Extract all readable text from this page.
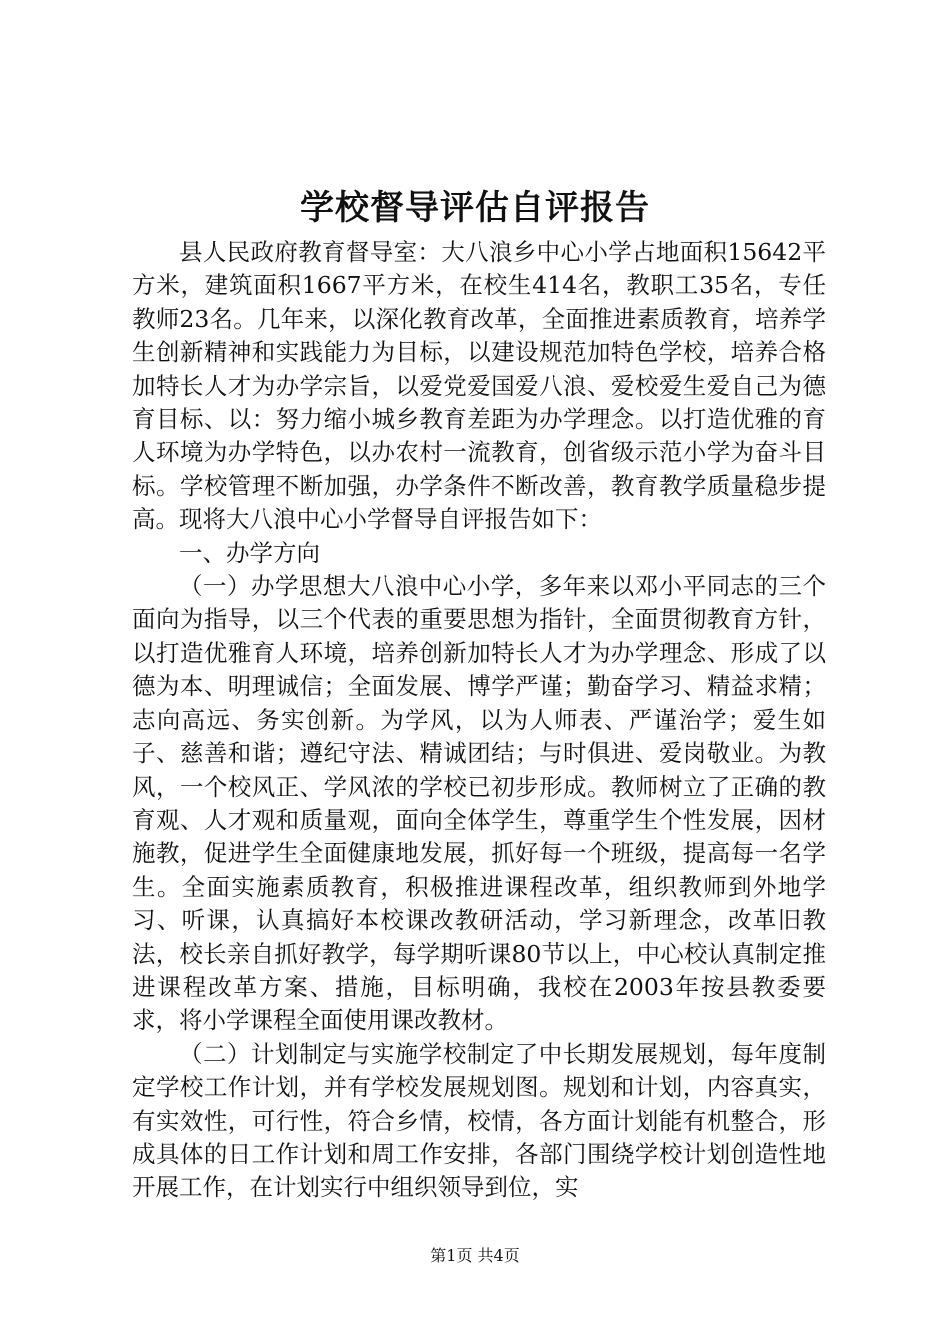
学校督导评估自评报告

县人民政府教育督导室：大八浪乡中心小学占地面积15642平方米，建筑面积1667平方米，在校生414名，教职工35名，专任教师23名。几年来，以深化教育改革，全面推进素质教育，培养学生创新精神和实践能力为目标，以建设规范加特色学校，培养合格加特长人才为办学宗旨，以爱党爱国爱八浪、爱校爱生爱自己为德育目标、以：努力缩小城乡教育差距为办学理念。以打造优雅的育人环境为办学特色，以办农村一流教育，创省级示范小学为奋斗目标。学校管理不断加强，办学条件不断改善，教育教学质量稳步提高。现将大八浪中心小学督导自评报告如下：

一、办学方向

（一）办学思想大八浪中心小学，多年来以邓小平同志的三个面向为指导，以三个代表的重要思想为指针，全面贯彻教育方针，以打造优雅育人环境，培养创新加特长人才为办学理念、形成了以德为本、明理诚信；全面发展、博学严谨；勤奋学习、精益求精；志向高远、务实创新。为学风，以为人师表、严谨治学；爱生如子、慈善和谐；遵纪守法、精诚团结；与时俱进、爱岗敬业。为教风，一个校风正、学风浓的学校已初步形成。教师树立了正确的教育观、人才观和质量观，面向全体学生，尊重学生个性发展，因材施教，促进学生全面健康地发展，抓好每一个班级，提高每一名学生。全面实施素质教育，积极推进课程改革，组织教师到外地学习、听课，认真搞好本校课改教研活动，学习新理念，改革旧教法，校长亲自抓好教学，每学期听课80节以上，中心校认真制定推进课程改革方案、措施，目标明确，我校在2003年按县教委要求，将小学课程全面使用课改教材。

（二）计划制定与实施学校制定了中长期发展规划，每年度制定学校工作计划，并有学校发展规划图。规划和计划，内容真实，有实效性，可行性，符合乡情，校情，各方面计划能有机整合，形成具体的日工作计划和周工作安排，各部门围绕学校计划创造性地开展工作，在计划实行中组织领导到位，实

第1页 共4页
